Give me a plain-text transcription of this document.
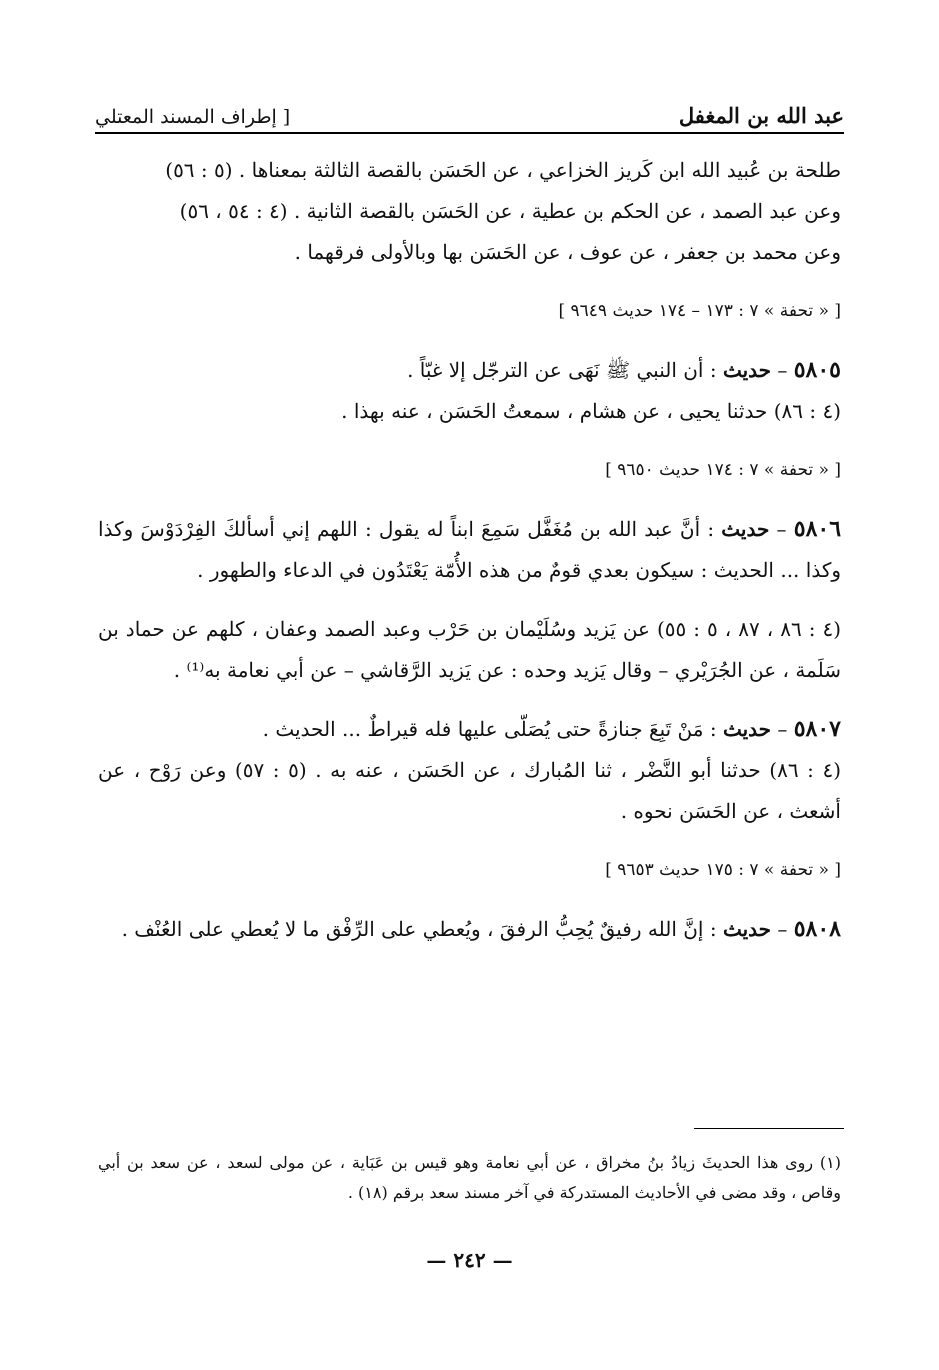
عبد الله بن المغفل
[ إطراف المسند المعتلي

طلحة بن عُبيد الله ابن كَريز الخزاعي ، عن الحَسَن بالقصة الثالثة بمعناها . (٥ : ٥٦)

وعن عبد الصمد ، عن الحكم بن عطية ، عن الحَسَن بالقصة الثانية . (٤ : ٥٤ ، ٥٦)

وعن محمد بن جعفر ، عن عوف ، عن الحَسَن بها وبالأولى فرقهما .

[ « تحفة » ٧ : ١٧٣ – ١٧٤ حديث ٩٦٤٩ ]

٥٨٠٥ – حديث : أن النبي ﷺ نَهَى عن الترجّل إلا غبّاً .

(٤ : ٨٦) حدثنا يحيى ، عن هشام ، سمعتُ الحَسَن ، عنه بهذا .

[ « تحفة » ٧ : ١٧٤ حديث ٩٦٥٠ ]

٥٨٠٦ – حديث : أنَّ عبد الله بن مُغَفَّل سَمِعَ ابناً له يقول : اللهم إني أسألكَ الفِرْدَوْسَ وكذا وكذا ... الحديث : سيكون بعدي قومٌ من هذه الأُمّة يَعْتَدُون في الدعاء والطهور .

(٤ : ٨٦ ، ٨٧ ، ٥ : ٥٥) عن يَزيد وسُلَيْمان بن حَرْب وعبد الصمد وعفان ، كلهم عن حماد بن سَلَمة ، عن الجُرَيْري – وقال يَزيد وحده : عن يَزيد الرَّقاشي – عن أبي نعامة به⁽¹⁾ .

٥٨٠٧ – حديث : مَنْ تَبِعَ جنازةً حتى يُصَلّى عليها فله قيراطٌ ... الحديث .

(٤ : ٨٦) حدثنا أبو النَّضْر ، ثنا المُبارك ، عن الحَسَن ، عنه به . (٥ : ٥٧) وعن رَوْح ، عن أشعث ، عن الحَسَن نحوه .

[ « تحفة » ٧ : ١٧٥ حديث ٩٦٥٣ ]

٥٨٠٨ – حديث : إنَّ الله رفيقٌ يُحِبُّ الرفقَ ، ويُعطي على الرِّفْق ما لا يُعطي على العُنْف .

(١) روى هذا الحديثَ زيادُ بنُ مخراق ، عن أبي نعامة وهو قيس بن عَبَاية ، عن مولى لسعد ، عن سعد بن أبي وقاص ، وقد مضى في الأحاديث المستدركة في آخر مسند سعد برقم (١٨) .

— ٢٤٢ —
